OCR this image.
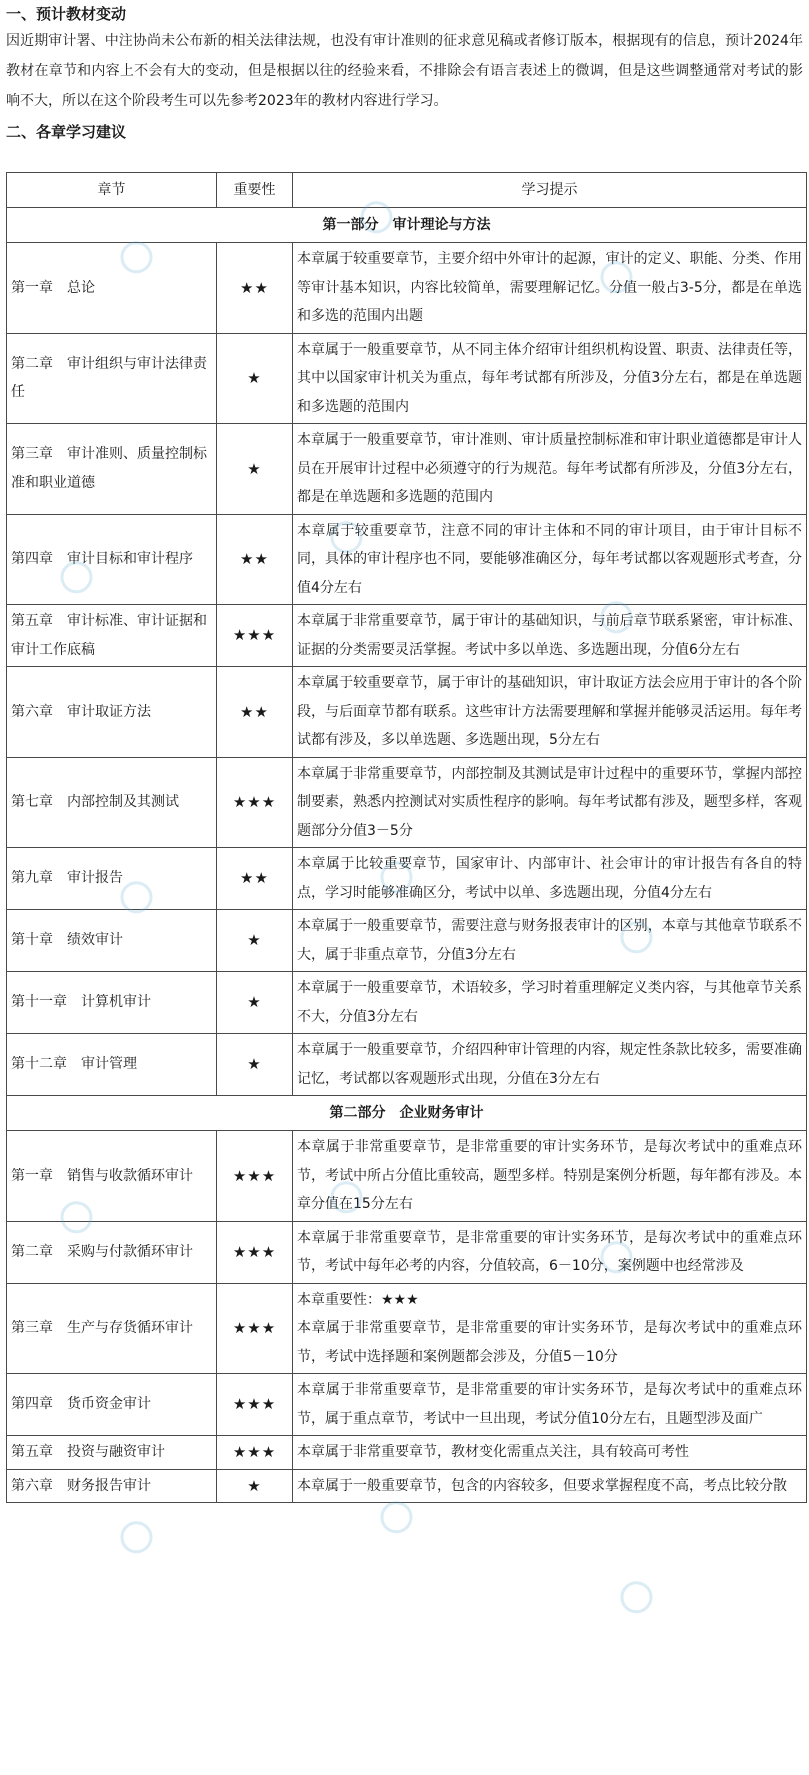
一、预计教材变动

因近期审计署、中注协尚未公布新的相关法律法规，也没有审计准则的征求意见稿或者修订版本，根据现有的信息，预计2024年教材在章节和内容上不会有大的变动，但是根据以往的经验来看，不排除会有语言表述上的微调，但是这些调整通常对考试的影响不大，所以在这个阶段考生可以先参考2023年的教材内容进行学习。

二、各章学习建议

章节	重要性	学习提示
第一部分　审计理论与方法		
第一章　总论	★★	本章属于较重要章节，主要介绍中外审计的起源，审计的定义、职能、分类、作用等审计基本知识，内容比较简单，需要理解记忆。分值一般占3-5分，都是在单选和多选的范围内出题
第二章　审计组织与审计法律责任	★	本章属于一般重要章节，从不同主体介绍审计组织机构设置、职责、法律责任等，其中以国家审计机关为重点，每年考试都有所涉及，分值3分左右，都是在单选题和多选题的范围内
第三章　审计准则、质量控制标准和职业道德	★	本章属于一般重要章节，审计准则、审计质量控制标准和审计职业道德都是审计人员在开展审计过程中必须遵守的行为规范。每年考试都有所涉及，分值3分左右，都是在单选题和多选题的范围内
第四章　审计目标和审计程序	★★	本章属于较重要章节，注意不同的审计主体和不同的审计项目，由于审计目标不同，具体的审计程序也不同，要能够准确区分，每年考试都以客观题形式考查，分值4分左右
第五章　审计标准、审计证据和审计工作底稿	★★★	本章属于非常重要章节，属于审计的基础知识，与前后章节联系紧密，审计标准、证据的分类需要灵活掌握。考试中多以单选、多选题出现，分值6分左右
第六章　审计取证方法	★★	本章属于较重要章节，属于审计的基础知识，审计取证方法会应用于审计的各个阶段，与后面章节都有联系。这些审计方法需要理解和掌握并能够灵活运用。每年考试都有涉及，多以单选题、多选题出现，5分左右
第七章　内部控制及其测试	★★★	本章属于非常重要章节，内部控制及其测试是审计过程中的重要环节，掌握内部控制要素，熟悉内控测试对实质性程序的影响。每年考试都有涉及，题型多样，客观题部分分值3－5分
第九章　审计报告	★★	本章属于比较重要章节，国家审计、内部审计、社会审计的审计报告有各自的特点，学习时能够准确区分，考试中以单、多选题出现，分值4分左右
第十章　绩效审计	★	本章属于一般重要章节，需要注意与财务报表审计的区别，本章与其他章节联系不大，属于非重点章节，分值3分左右
第十一章　计算机审计	★	本章属于一般重要章节，术语较多，学习时着重理解定义类内容，与其他章节关系不大，分值3分左右
第十二章　审计管理	★	本章属于一般重要章节，介绍四种审计管理的内容，规定性条款比较多，需要准确记忆，考试都以客观题形式出现，分值在3分左右
第二部分　企业财务审计		
第一章　销售与收款循环审计	★★★	本章属于非常重要章节，是非常重要的审计实务环节，是每次考试中的重难点环节，考试中所占分值比重较高，题型多样。特别是案例分析题，每年都有涉及。本章分值在15分左右
第二章　采购与付款循环审计	★★★	本章属于非常重要章节，是非常重要的审计实务环节，是每次考试中的重难点环节，考试中每年必考的内容，分值较高，6－10分，案例题中也经常涉及
第三章　生产与存货循环审计	★★★	本章重要性：★★★
本章属于非常重要章节，是非常重要的审计实务环节，是每次考试中的重难点环节，考试中选择题和案例题都会涉及，分值5－10分

第四章　货币资金审计	★★★	本章属于非常重要章节，是非常重要的审计实务环节，是每次考试中的重难点环节，属于重点章节，考试中一旦出现，考试分值10分左右，且题型涉及面广
第五章　投资与融资审计	★★★	本章属于非常重要章节，教材变化需重点关注，具有较高可考性
第六章　财务报告审计	★	本章属于一般重要章节，包含的内容较多，但要求掌握程度不高，考点比较分散
